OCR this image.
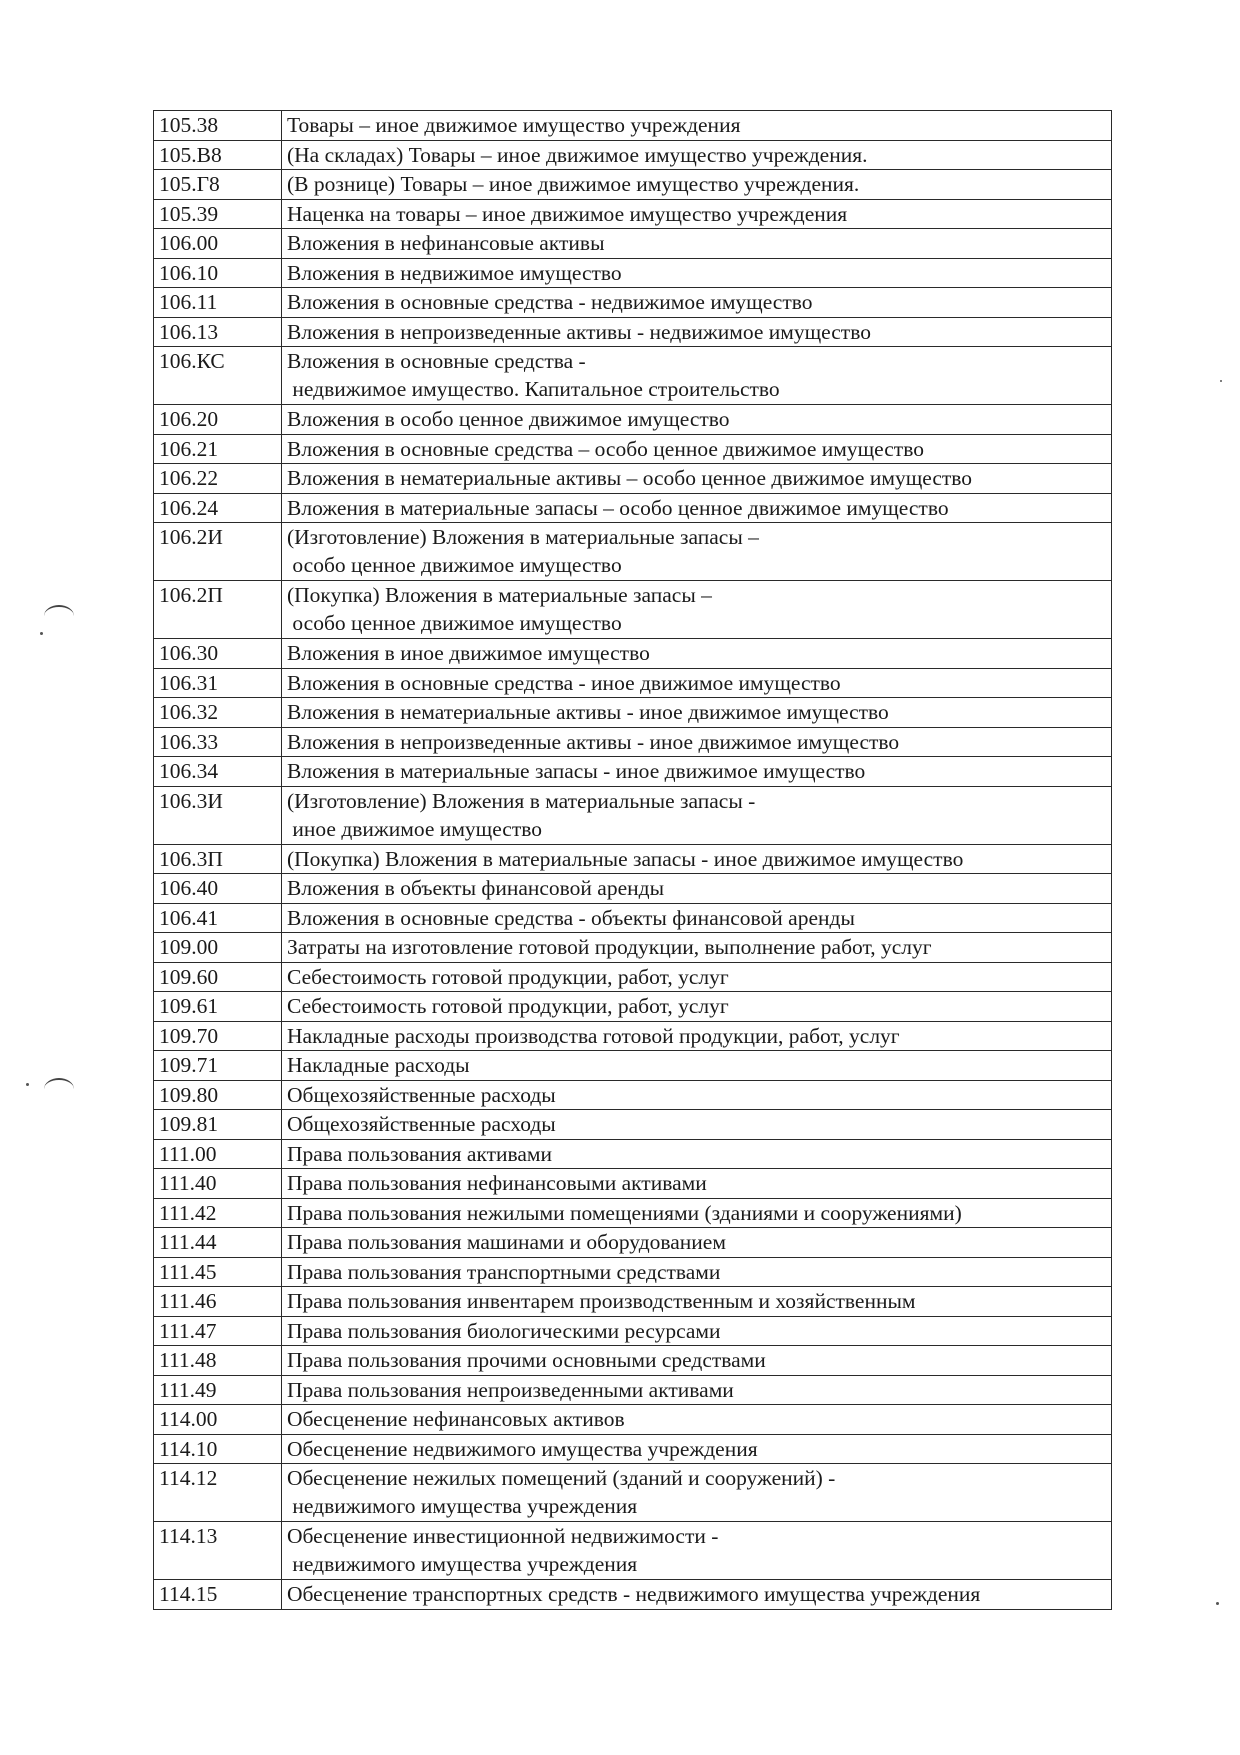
105.38	Товары – иное движимое имущество учреждения
105.В8	(На складах) Товары – иное движимое имущество учреждения.
105.Г8	(В рознице) Товары – иное движимое имущество учреждения.
105.39	Наценка на товары – иное движимое имущество учреждения
106.00	Вложения в нефинансовые активы
106.10	Вложения в недвижимое имущество
106.11	Вложения в основные средства - недвижимое имущество
106.13	Вложения в непроизведенные активы - недвижимое имущество
106.КС	Вложения в основные средства -
недвижимое имущество. Капитальное строительство
106.20	Вложения в особо ценное движимое имущество
106.21	Вложения в основные средства – особо ценное движимое имущество
106.22	Вложения в нематериальные активы – особо ценное движимое имущество
106.24	Вложения в материальные запасы – особо ценное движимое имущество
106.2И	(Изготовление) Вложения в материальные запасы –
особо ценное движимое имущество
106.2П	(Покупка) Вложения в материальные запасы –
особо ценное движимое имущество
106.30	Вложения в иное движимое имущество
106.31	Вложения в основные средства - иное движимое имущество
106.32	Вложения в нематериальные активы - иное движимое имущество
106.33	Вложения в непроизведенные активы - иное движимое имущество
106.34	Вложения в материальные запасы - иное движимое имущество
106.3И	(Изготовление) Вложения в материальные запасы -
иное движимое имущество
106.3П	(Покупка) Вложения в материальные запасы - иное движимое имущество
106.40	Вложения в объекты финансовой аренды
106.41	Вложения в основные средства - объекты финансовой аренды
109.00	Затраты на изготовление готовой продукции, выполнение работ, услуг
109.60	Себестоимость готовой продукции, работ, услуг
109.61	Себестоимость готовой продукции, работ, услуг
109.70	Накладные расходы производства готовой продукции, работ, услуг
109.71	Накладные расходы
109.80	Общехозяйственные расходы
109.81	Общехозяйственные расходы
111.00	Права пользования активами
111.40	Права пользования нефинансовыми активами
111.42	Права пользования нежилыми помещениями (зданиями и сооружениями)
111.44	Права пользования машинами и оборудованием
111.45	Права пользования транспортными средствами
111.46	Права пользования инвентарем производственным и хозяйственным
111.47	Права пользования биологическими ресурсами
111.48	Права пользования прочими основными средствами
111.49	Права пользования непроизведенными активами
114.00	Обесценение нефинансовых активов
114.10	Обесценение недвижимого имущества учреждения
114.12	Обесценение нежилых помещений (зданий и сооружений) -
недвижимого имущества учреждения
114.13	Обесценение инвестиционной недвижимости -
недвижимого имущества учреждения
114.15	Обесценение транспортных средств - недвижимого имущества учреждения
